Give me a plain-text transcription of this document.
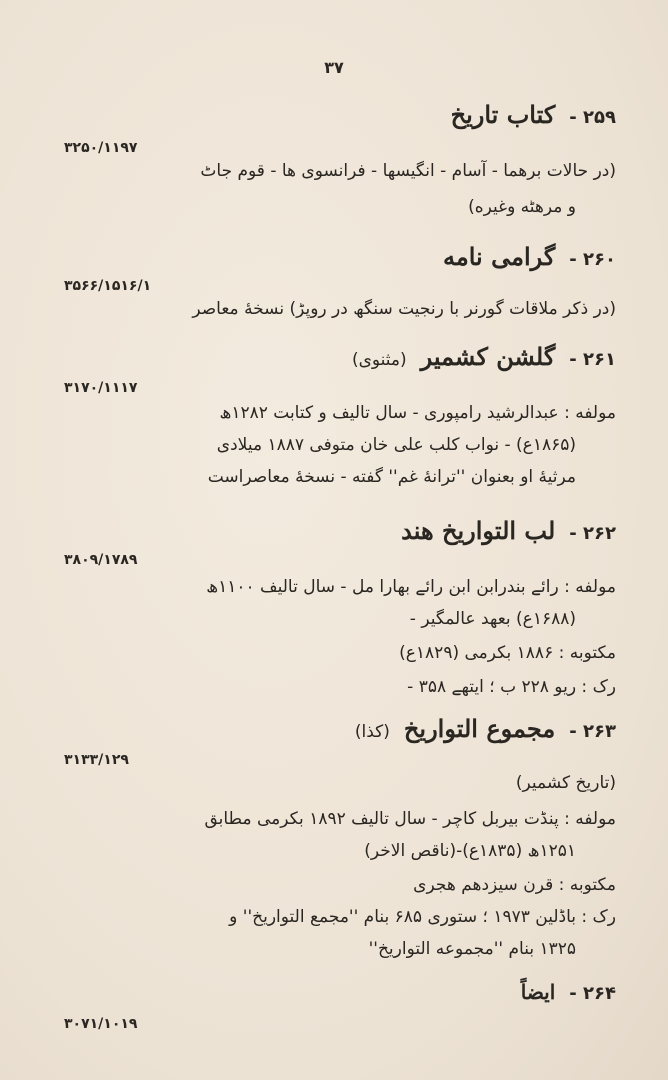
۳۷
۲۵۹ -
کتاب تاریخ
۳۲۵۰/۱۱۹۷
(در حالات برهما - آسام - انگیسها - فرانسوی ها - قوم جاٹ
و مرهٹه وغیره)
۲۶۰ -
گرامی نامه
۳۵۶۶/۱۵۱۶/۱
(در ذکر ملاقات گورنر با رنجیت سنگھ در روپڑ) نسخهٔ معاصر
۲۶۱ -
گلشن کشمیر
(مثنوی)
۳۱۷۰/۱۱۱۷
مولفه : عبدالرشید رامپوری - سال تالیف و کتابت ۱۲۸۲ھ
(۱۸۶۵ع) - نواب کلب علی خان متوفی ۱۸۸۷ میلادی
مرثیهٔ او بعنوان ''ترانهٔ غم'' گفته - نسخهٔ معاصراست
۲۶۲ -
لب التواریخ هند
۳۸۰۹/۱۷۸۹
مولفه : رائے بندرابن ابن رائے بهارا مل - سال تالیف ۱۱۰۰ھ
(۱۶۸۸ع) بعهد عالمگیر -
مکتوبه : ۱۸۸۶ بکرمی (۱۸۲۹ع)
رک : ریو ۲۲۸ ب ؛ ایتھے ۳۵۸ -
۲۶۳ -
مجموع التواریخ
(کذا)
۳۱۳۳/۱۲۹
(تاریخ کشمیر)
مولفه : پنڈت بیربل کاچر - سال تالیف ۱۸۹۲ بکرمی مطابق
۱۲۵۱ھ (۱۸۳۵ع)-(ناقص الاخر)
مکتوبه : قرن سیزدهم هجری
رک : باڈلین ۱۹۷۳ ؛ ستوری ۶۸۵ بنام ''مجمع التواریخ'' و
۱۳۲۵ بنام ''مجموعه التواریخ''
۲۶۴ -
ایضاً
۳۰۷۱/۱۰۱۹
